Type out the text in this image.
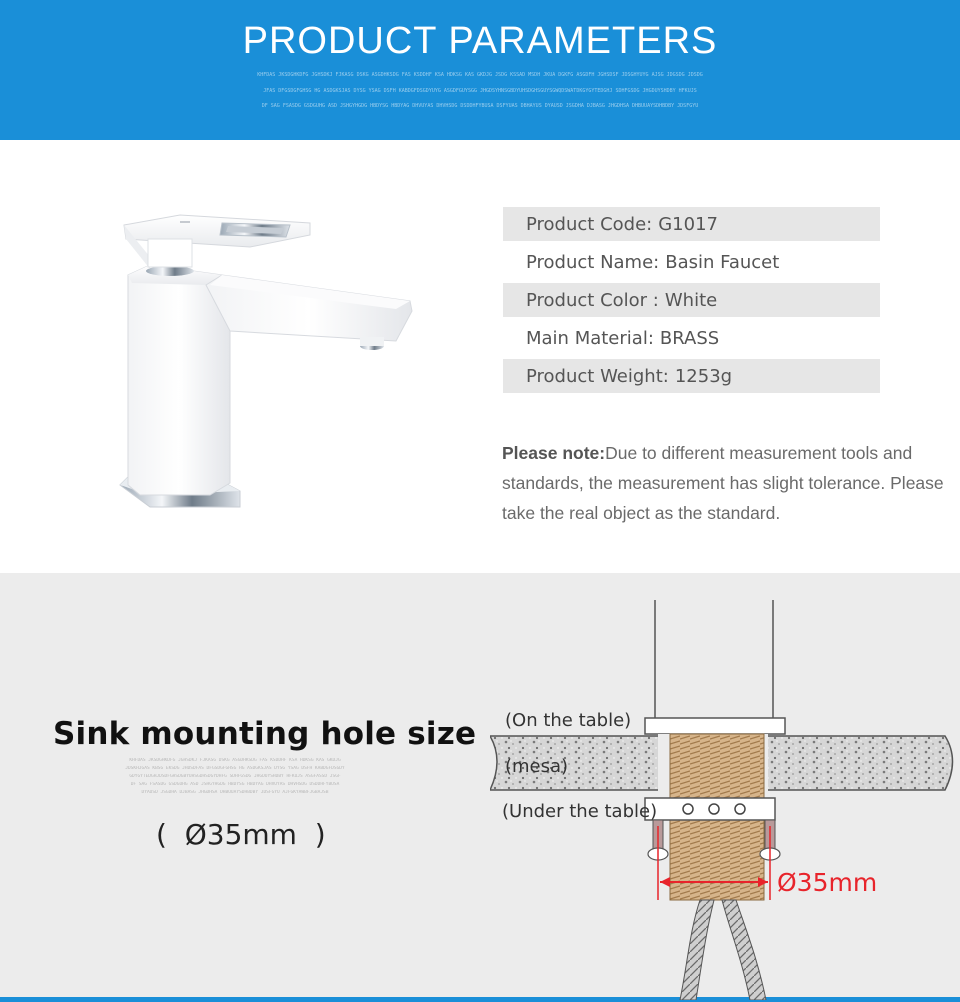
PRODUCT PARAMETERS
KHFDAS JKSDGHKDFG JGHSDKJ FJKASG DSKG ASGDHKSDG FAS KSDDHF KSA HDKSG KAS GKDJG JSDG KSSAD MSDH JKUA DGKFG ASGDFH JGHSDSF JDSGHYUYG AJSG JDGSDG JDSDG
JFAS DFGSDGFGHSG HG ASDGKSJAS DYSG YSAG DSFH KABDGFDSGDYUYG ASGDFGUYSGG JHGDSYHNSGBDYUHSDGHSGUYSGWQDSWATDKGYGYTEDGHJ SDHFGSDG JHGDUYSHDBY HFKUJS
DF SAG FSASDG GSDGUHG ASD JSHGYHGDG HBDYSG HBDYAG DHVUYAS DHVHSDG DSDDHFYBUSA DSFYUAS DBHAYUS DYAUSD JSGDHA DJBASG JHGDHSA DHBUUAYSDHBDBY JDSFGYU
Product Code: G1017
Product Name: Basin Faucet
Product Color : White
Main Material: BRASS
Product Weight: 1253g
Please note:Due to different measurement tools and standards, the measurement has slight tolerance. Please take the real object as the standard.
Sink mounting hole size
KHFDAS JKSDGHKDFG JGHSDKJ FJKASG DSKG ASGDHKSDG FAS KSDDHF KSA HDKSG KAS GKDJG
JDSKHJGAS KBSG EKSDG JHDSDFAS DFGSDGFGHSG HG ASDGKSJAS DYSG YSAG DSFH KABDGFDSGDY
GDYGYTEDGHJDSDFGHSDGBYUHSGDHSDGYDHFG SDHFGSDG JHGDUYSHDBY HFKUJS ASGFASSD JSGF
DF SAG FSASDG GSDGUHG ASD JSHGYHGDG HBDYSG HBDYAG DHVUYAS DHVHSDG DSDDHFYBUSA
DYAUSD JSGDHA DJBASG JHGDHSA DHBUUAYSDHBDBY JDSFGYU AJFGKYAWBFJGBAJSB
(  Ø35mm  )
(On the table)
(mesa)
(Under the table)
Ø35mm
